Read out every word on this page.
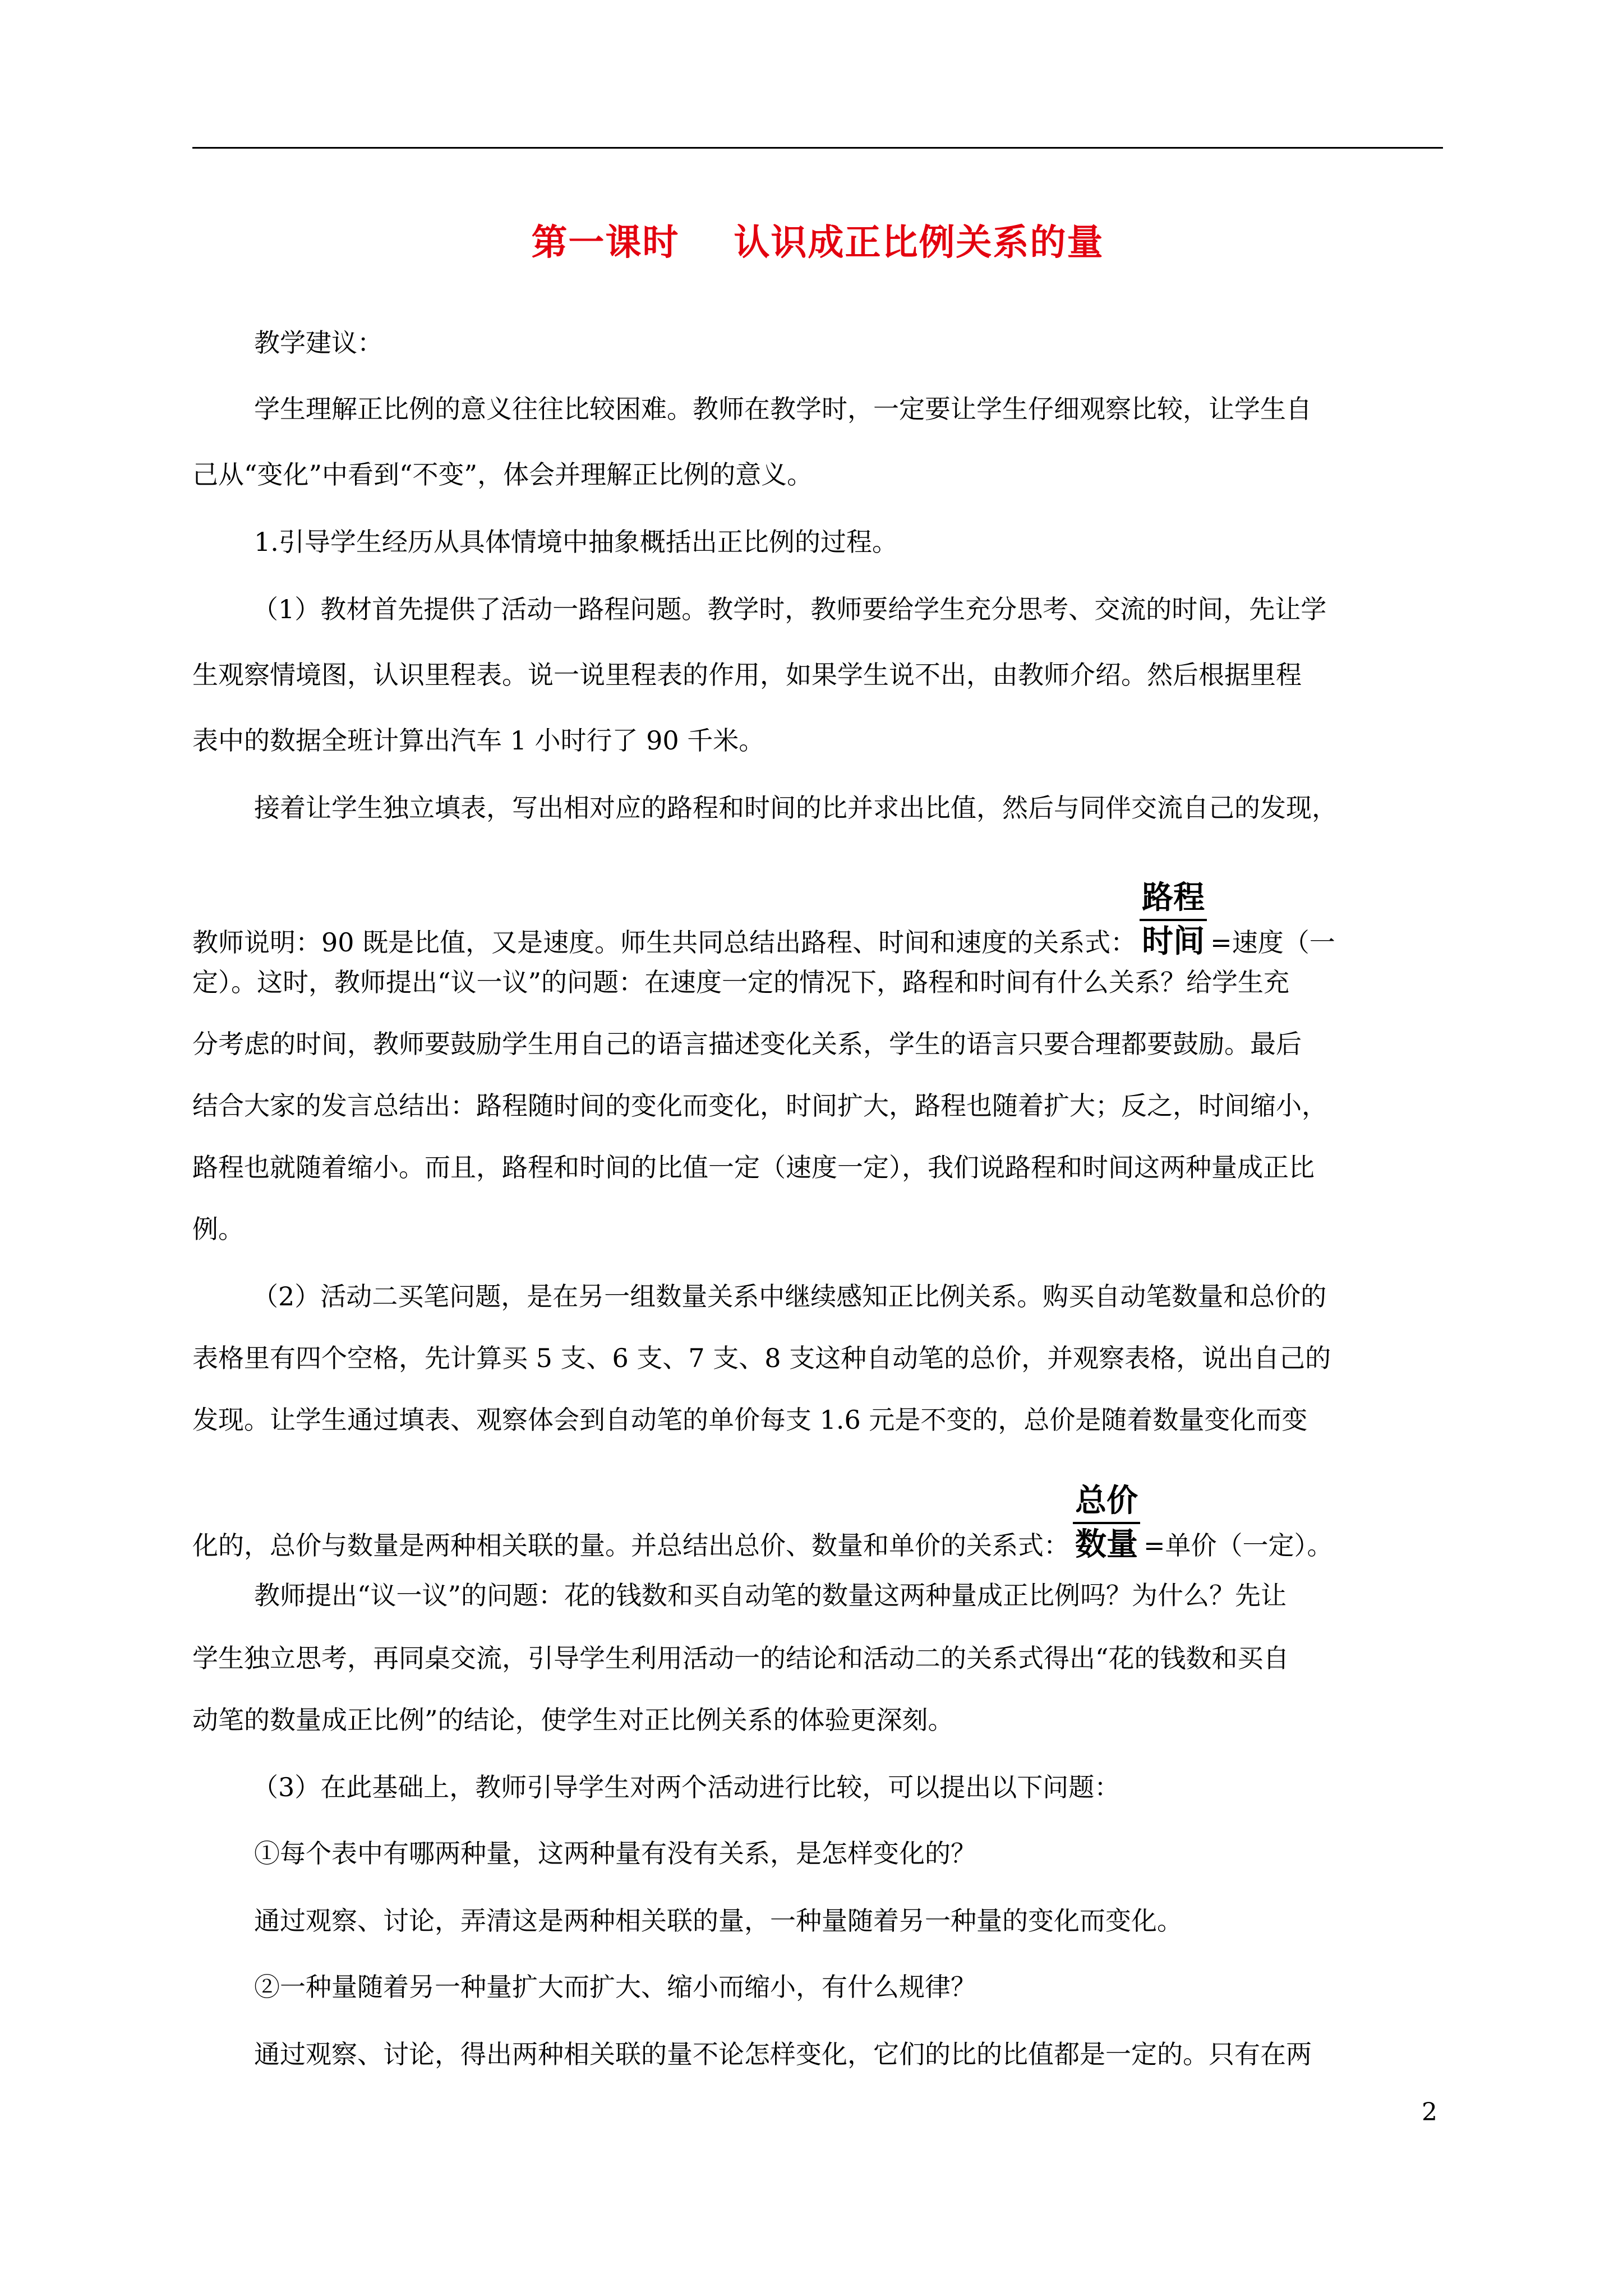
第一课时    认识成正比例关系的量
教学建议：
学生理解正比例的意义往往比较困难。教师在教学时，一定要让学生仔细观察比较，让学生自
己从“变化”中看到“不变”，体会并理解正比例的意义。
1.引导学生经历从具体情境中抽象概括出正比例的过程。
（1）教材首先提供了活动一路程问题。教学时，教师要给学生充分思考、交流的时间，先让学
生观察情境图，认识里程表。说一说里程表的作用，如果学生说不出，由教师介绍。然后根据里程
表中的数据全班计算出汽车 1 小时行了 90 千米。
接着让学生独立填表，写出相对应的路程和时间的比并求出比值，然后与同伴交流自己的发现，
教师说明：90 既是比值，又是速度。师生共同总结出路程、时间和速度的关系式： $\frac{\text{路程}}{\text{时间}}$ =速度（一
定）。这时，教师提出“议一议”的问题：在速度一定的情况下，路程和时间有什么关系？给学生充
分考虑的时间，教师要鼓励学生用自己的语言描述变化关系，学生的语言只要合理都要鼓励。最后
结合大家的发言总结出：路程随时间的变化而变化，时间扩大，路程也随着扩大；反之，时间缩小，
路程也就随着缩小。而且，路程和时间的比值一定（速度一定），我们说路程和时间这两种量成正比
例。
（2）活动二买笔问题，是在另一组数量关系中继续感知正比例关系。购买自动笔数量和总价的
表格里有四个空格，先计算买 5 支、6 支、7 支、8 支这种自动笔的总价，并观察表格，说出自己的
发现。让学生通过填表、观察体会到自动笔的单价每支 1.6 元是不变的，总价是随着数量变化而变
化的，总价与数量是两种相关联的量。并总结出总价、数量和单价的关系式： $\frac{\text{总价}}{\text{数量}}$ =单价（一定）。
教师提出“议一议”的问题：花的钱数和买自动笔的数量这两种量成正比例吗？为什么？先让
学生独立思考，再同桌交流，引导学生利用活动一的结论和活动二的关系式得出“花的钱数和买自
动笔的数量成正比例”的结论，使学生对正比例关系的体验更深刻。
（3）在此基础上，教师引导学生对两个活动进行比较，可以提出以下问题：
①每个表中有哪两种量，这两种量有没有关系，是怎样变化的？
通过观察、讨论，弄清这是两种相关联的量，一种量随着另一种量的变化而变化。
②一种量随着另一种量扩大而扩大、缩小而缩小，有什么规律？
通过观察、讨论，得出两种相关联的量不论怎样变化，它们的比的比值都是一定的。只有在两
2
